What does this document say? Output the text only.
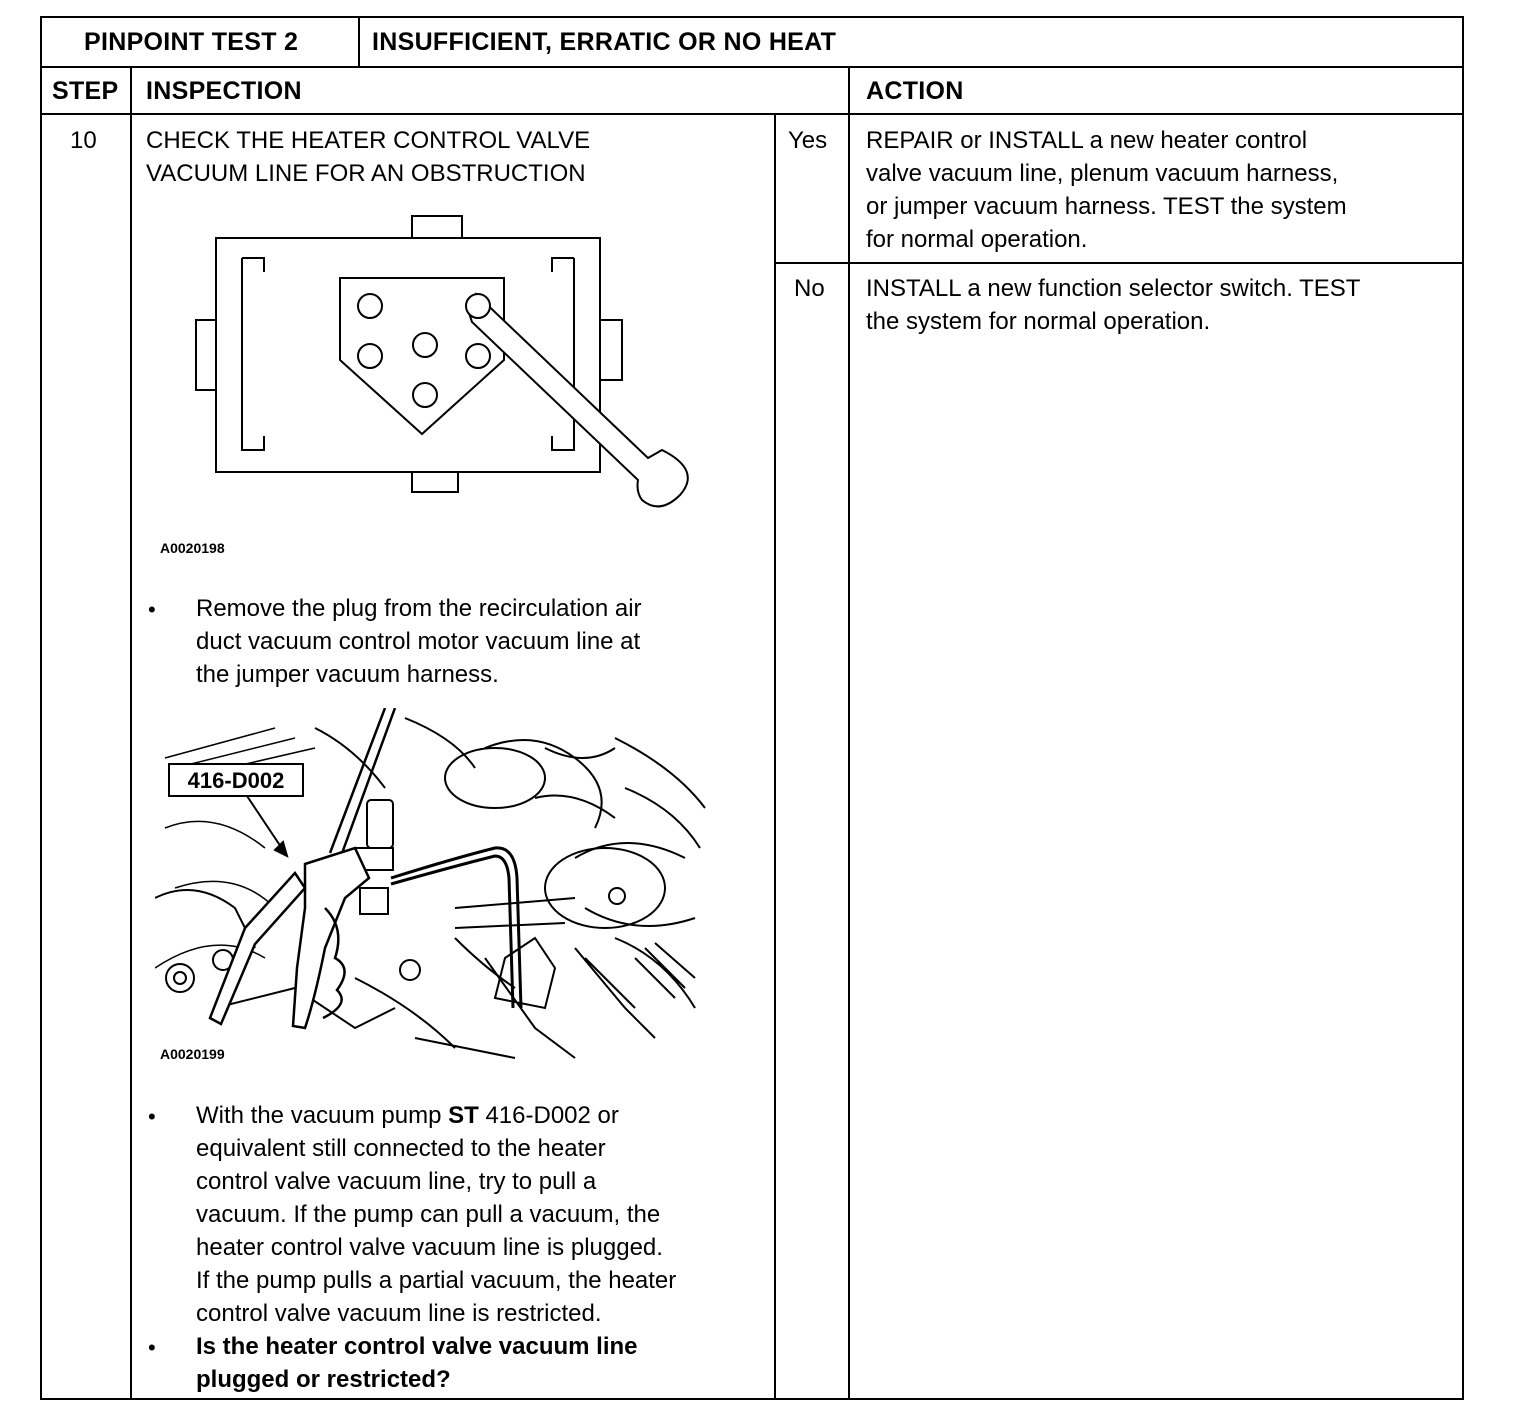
PINPOINT TEST 2	INSUFFICIENT, ERRATIC OR NO HEAT
STEP INSPECTION	ACTION
10 CHECK THE HEATER CONTROL VALVE
VACUUM LINE FOR AN OBSTRUCTION
A0020198
• Remove the plug from the recirculation air
duct vacuum control motor vacuum line at
the jumper vacuum harness.
416-D002
A0020199
• With the vacuum pump ST 416-D002 or
equivalent still connected to the heater
control valve vacuum line, try to pull a
vacuum. If the pump can pull a vacuum, the
heater control valve vacuum line is plugged.
If the pump pulls a partial vacuum, the heater
control valve vacuum line is restricted.
• Is the heater control valve vacuum line
plugged or restricted?
Yes REPAIR or INSTALL a new heater control
valve vacuum line, plenum vacuum harness,
or jumper vacuum harness. TEST the system
for normal operation.
No INSTALL a new function selector switch. TEST
the system for normal operation.
